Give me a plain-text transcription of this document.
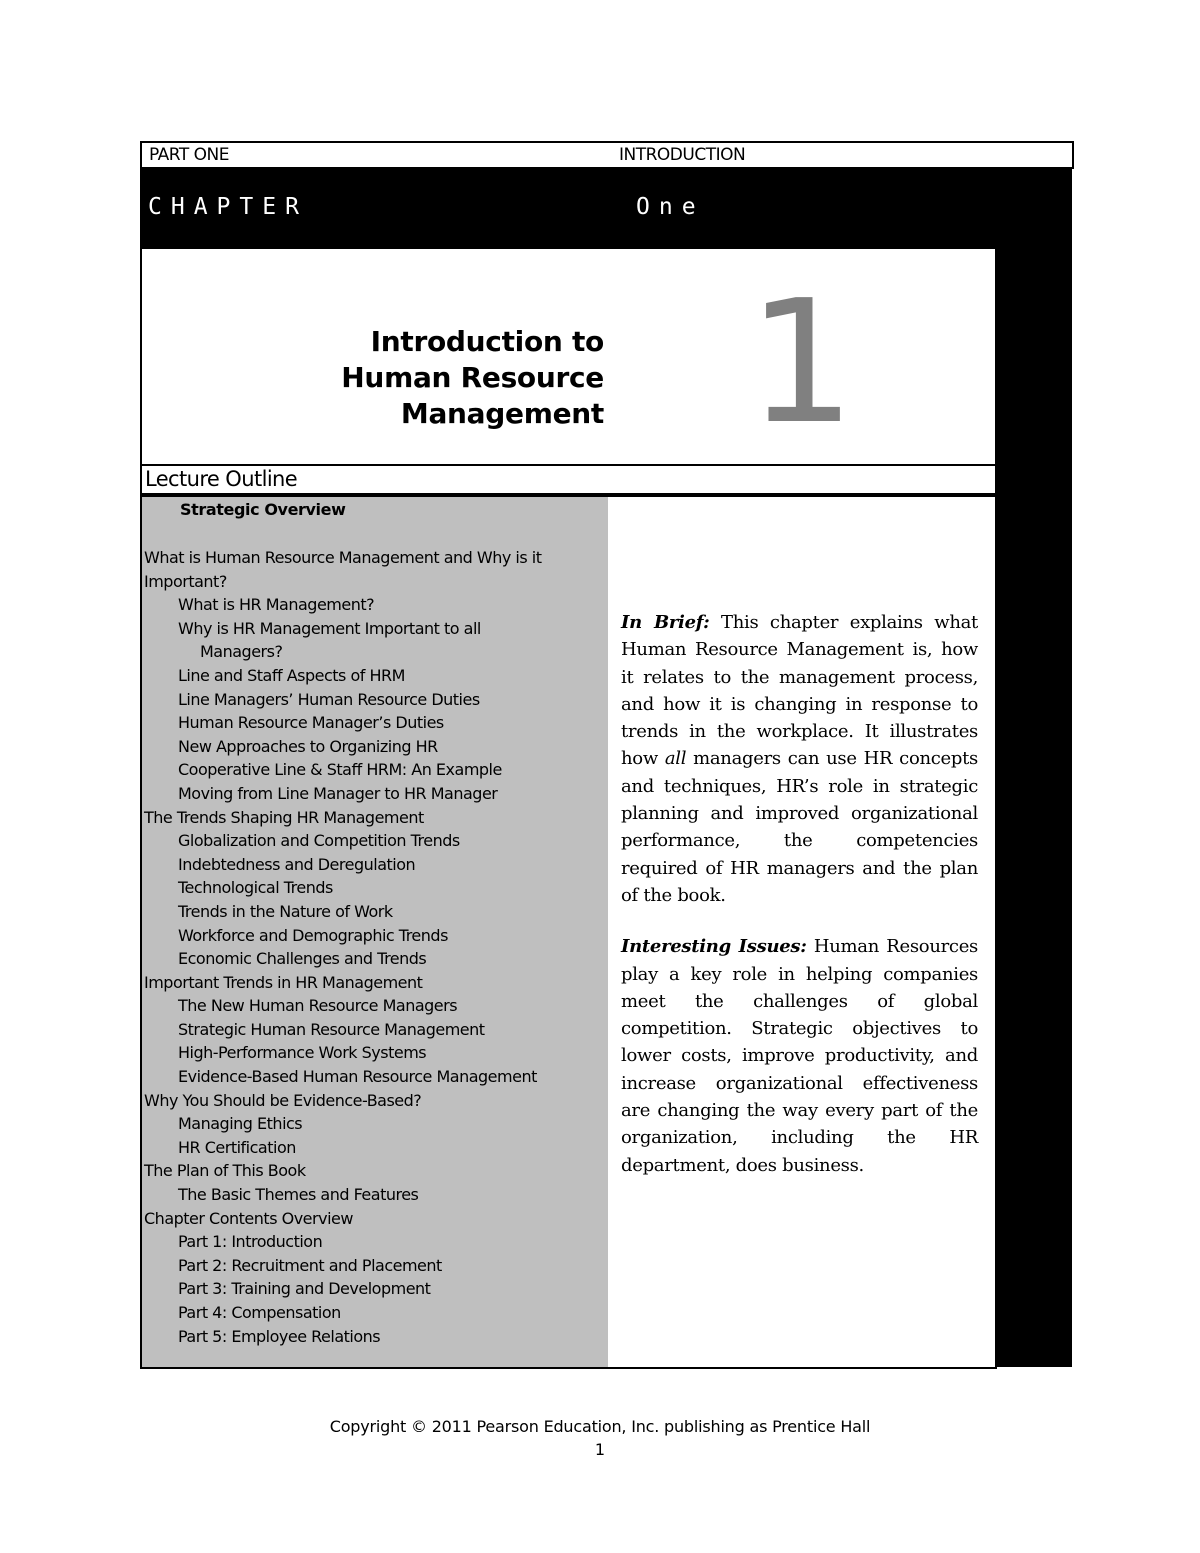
PART ONE	INTRODUCTION
CHAPTER	One
Introduction to
Human Resource
Management 1
Lecture Outline
Strategic Overview
What is Human Resource Management and Why is it
Important?
What is HR Management?
Why is HR Management Important to all
Managers?
Line and Staff Aspects of HRM
Line Managers’ Human Resource Duties
Human Resource Manager’s Duties
New Approaches to Organizing HR
Cooperative Line & Staff HRM: An Example
Moving from Line Manager to HR Manager
The Trends Shaping HR Management
Globalization and Competition Trends
Indebtedness and Deregulation
Technological Trends
Trends in the Nature of Work
Workforce and Demographic Trends
Economic Challenges and Trends
Important Trends in HR Management
The New Human Resource Managers
Strategic Human Resource Management
High-Performance Work Systems
Evidence-Based Human Resource Management
Why You Should be Evidence-Based?
Managing Ethics
HR Certification
The Plan of This Book
The Basic Themes and Features
Chapter Contents Overview
Part 1: Introduction
Part 2: Recruitment and Placement
Part 3: Training and Development
Part 4: Compensation
Part 5: Employee Relations

In Brief: This chapter explains what Human Resource Management is, how it relates to the management process, and how it is changing in response to trends in the workplace. It illustrates how all managers can use HR concepts and techniques, HR’s role in strategic planning and improved organizational performance, the competencies required of HR managers and the plan of the book.

Interesting Issues: Human Resources play a key role in helping companies meet the challenges of global competition. Strategic objectives to lower costs, improve productivity, and increase organizational effectiveness are changing the way every part of the organization, including the HR department, does business.

Copyright © 2011 Pearson Education, Inc. publishing as Prentice Hall
1
